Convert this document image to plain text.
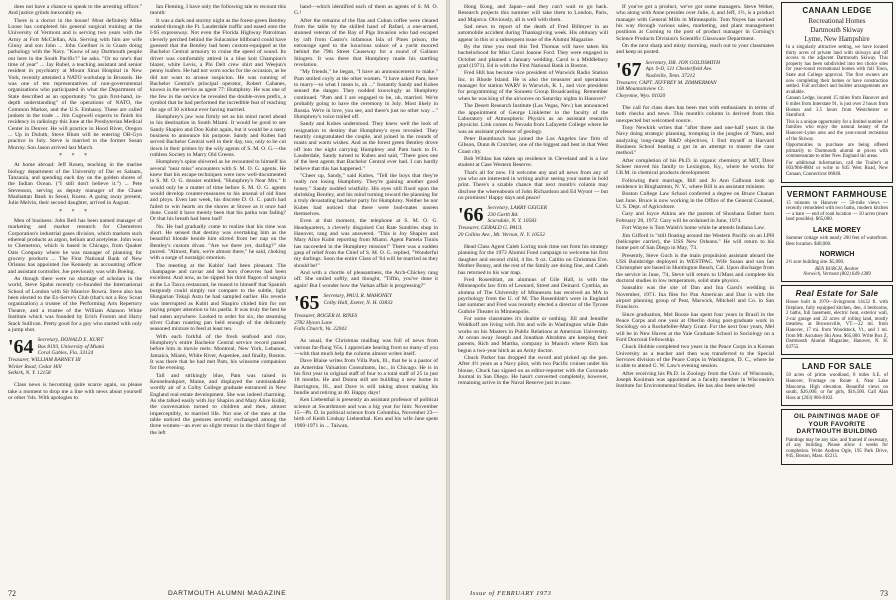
does not have a chance to speak to the arresting officer." And justice grinds inexorably on.

There is a doctor in the house! Most definitely Mike Loose has completed his general surgical training at the University of Vermont and is serving two years with the Army at Fort McClellan, Ala. Serving with him are wife Ginny and son John ... John Goellner is in Guam doing pathology with the Navy. "Know of any Dartmouth people out here in the South Pacific?" he asks. "Or no one's that time of year" ... Jay Rubel, a teaching assistant and senior resident in psychiatry at Mount Sinai Hospital in New York, recently attended a NATO workshop in Brussels. He was one of ten representatives of non-governmental organizations who participated in what the Department of State described as an opportunity "to gain first-hand, in-depth understanding" of the operations of NATO, the Common Market, and the U.S. Embassy. These are called junkets in the trade ... Jim Cogswell expects to finish his residency in radiology this June at the Presbyterian Medical Center in Denver. He will practice in Hood River, Oregon ... Up in Duluth, Steve Blum will be entering OB-Gyn practice in July. Steve is married to the former Susan Murray. Son Jason arrived last March.

* * *

At home abroad: Jeff Rosen, teaching in the marine biology department of the University of Dar es Salaam, Tanzania, and spending each day on the golden shores of the Indian Ocean. ("I still don't believe it.") ... Pete Stevenson, serving as deputy manager of the Chase Manhattan Bank in Seoul, Korea. A going away present, Julie Melvin, their second daughter, arrived in August.

* * *

Men of business: John Bell has been named manager of marketing and market research for Chemetron Corporation's industrial gases division, which markets such ethereal products as argon, helium and acetylene. John won to Chemetron, which is based in Chicago, from Quaker Oats Company where he was manager of planning for grocery products ... The First National Bank of New Orleans has appointed Joe Kennedy as accounting officer and assistant controller. Joe previously was with Boeing.

As though there were no shortage of scholars in the world, Steve Spahn recently co-founded the International School of London with Sir Maurice Bowra. Steve also has been elected to the Ex-Serve's Club (that's not a Boy Scout organization) a trustee of the Performing Arts Repertory Theatre, and a trustee of the William Alanson White Institute which was founded by Erich Fromm and Harry Stack Sullivan. Pretty good for a guy who started with only a jump shot.

'64 Secretary, DONALD E. KURT
Box 8193, University of Miami
Coral Gables, Fla. 33124
Treasurer, WILLIAM BARNEY III
Wicker Road, Cedar Hill
Selkirk, N. Y. 12158

Class news is becoming quite scarce again, so please take a moment to drop me a line with news about yourself or other '64s. With apologies to

Ian Fleming, I have only the following tale to recount this month:

It was a dark and stormy night as the forest-green Bentley snaked through the Ft. Lauderdale traffic and eased onto the I-95 expressway. Not even the Florida Highway Patrolman cleverly perched behind the Sulacasine billboard could have guessed that the Bentley had been custom-equipped at the Bachelor Central armoury to cruise the speed of sound. Its driver was comfortably attired in a blue knit Champion's blazer, white Levis, a Phi Delt crew shirt and Weejun's penny loafers. He had not worn socks for the occasion, as he did not want to arouse suspicion. He was cunning of Bachelor Central's principal operator, Robert Cabanes, known in the service as agent 77: Humphrey. He was one of the few in the service he revealed the double-oven prefix, a symbol that he had performed the incredible feat of reaching the age of 30 without ever having married.

Humphrey's jaw was firmly set as his mind raced ahead to his destination in South Miami. It would be good to see Sandy Shapiro and Don Kubit again, but it would be a nasty business to announce his purpose. Sandy and Kubes had served Bachelor Central well in their day, too, only to be cut down in their primes by the wily agents of S. M. O. G.—the ruthless Society to Marry Old Greens.

Humphrey's spine shivered as he recounted to himself his several "near miss" encounters with S. M. O. G. agents. He knew that his escape techniques were now well-documented in S. M. O. G. dossier entitled, "Humphrey's Near Mrs." It would only be a matter of time before S. M. O. G. agents would develop counter-measures to his arsenal of old lines and ploys. Even last week, his discrete D. O. C. patch had failed to win hearts on the shores at Stowe as it once had done. Could it have merely been that his parka was fading? Or that his breath had been bad?

No. He had gradually come to realize that his time was short. He sensed that destiny was overtaking him as the beautiful blonde beside him stirred from her nap on the Bentley's custom divan. "Are we there yet, darling?" she purred. "Almost, Pam, we're almost there," he said, choking with a surge of nostalgic emotion.

The meeting at the Kubits' had been pleasant. The champagne and caviar and hot hors d'oeuvres had been excellent. And now, as he sipped his third flagon of sangria at the La Taxca restaurant, he mused to himself that Spanish burgundy could simply not compare to the subtle, light Hungarian Tokaji Aszu he had sampled earlier. His reverie was interrupted as Kubit and Shapiro chided him for not paying proper attention to his paella. It was truly the best he had eaten anywhere. Looked to order for six, the steaming silver Cuban roasting pan held enough of the delicately seasoned mixture to feed at least ten.

With each forkful of the fresh seafood and rice, Humphrey's entire Bachelor Central service record passed before him in movie reels: Montreal, New York, Lebanon, Jamaica, Miami, White River, Aspenlee, and finally, Boston. It was there that he had met Pam, his winsome companion for the evening.

Tall and strikingly blue, Pam was raised in Kennebunkport, Maine, and displayed the unmistakable wordly air of a Colby College graduate entranced in New England real estate development. She was indeed charming. As she talked easily with Joy Shapiro and Mary Alice Kubit, the conversation turned to children and then, almost imperceptibly, to married life. Not one of the men at the table noticed the gestures secretly exchanged among the three women—an ever so slight tremor in the third finger of the left

hand—which identified each of them as agents of S. M. O. G.!

After the remains of the flan and Cuban coffee were cleared from the table by the skilled hand of Rafael, a one-armed, stunned veteran of the Bay of Pigs Invasion who had escaped by raft from Castro's infamous Isla of Pines prison, the entourage sped to the luxurious solace of a yacht moored behind the 79th Street Causeway for a round of Galiano Stingers. It was there that Humphrey made his startling revelation.

"My friends," he began, "I have an announcement to make." Pam smiled coyly at the other women. "I have asked Pam, here to marry—to what I mean is, uh ..." Instantly Sandy and Kubes sensed the danger. They nodded knowingly as Humphrey continued. "Pam and I are engaged to be, uh, married. We're probably going to have the ceremony in July. Most likely in Russia. We're in love, you see, and there's just no other way ..." Humphrey's voice trailed off.

Sandy and Kubes understood. They knew well the look of resignation to destiny that Humphrey's eyes revealed. They heartily congratulated the couple, and joined in the rounds of toasts and warm wishes. And as the forest green Bentley drove off into the night carrying Humphrey and Pam back to Ft. Lauderdale, Sandy turned to Kubes and said, "There goes one of the best agents that Bachelor Central ever had. I can hardly believe that this has happened."

"Cheer up, Sandy," said Kubes, "Tell the boys that they're really not losing Humphrey. They're gaining another good honey." Sandy nodded wistfully. His eyes still fixed upon the shrinking Bentley, and his mind turning toward the planning for a truly devastating bachelor party for Humphrey. Neither he nor Kubes had noticed that there were bud-mates unseen themselves.

Even at that moment, the telephone at S. M. O. G. Headquarters, a cleverly disguised Cut Rate Sundries shop in Hanover, rang and was answered. "This is Joy Shapiro and Mary Alice Kubit reporting from Miami. Agent Pamela Tinnis has succeeded in the Humphrey mission!" There was a sudden gasp of relief from the Chief of S. M. O. G. replied, "Wonderful my darlings. Soon the entire Class of '64 will be married as they should be!"

And with a chortle of pleasantness, the Arch-Chickey rang off. She smiled softly, and thought, "Tiffin, you've done it again! But I wonder how the Varkas affair is progressing?"

'65 Secretary, PAUL R. MAHONEY
Colby Hall, Exeter, N. H. 03833
Treasurer, ROGER H. RINES
2782 Hyson Lane
Falls Church, Va. 22043

As usual, the Christmas mailbag was full of news from various far-flung '65s. I appreciate hearing from so many of you—with that much help the column almost writes itself.

Dave Blaise writes from Villa Park, Ill., that he is a pastor of an Ameridan Valuation Consultants, Inc., in Chicago. He is in his first year in original staff of four to a total staff of 25 in just 18 months. He and Donna still are building a new home in Barrington, Ill., and Dave is still taking about making his bundle and retiring at 40. Happy days!

Ken Liebenthal is presently an assistant professor of political science at Swarthmore and was a big year for him: November 15—Ph. D. in political science from Columbia, November 23—birth of Keith Lindsay Liebenthal. Ken and his wife Jane spent 1969-1971 in ... Taiwan,

72	DARTMOUTH ALUMNI MAGAZINE

Hong Kong, and Japan—and they can't wait to go back. Research projects this summer will take them to London, Paris, and Majorca. Obviously, all is well with them.

Sad news to report of the death of Fred Billmyer in an automobile accident during Thanksgiving week. His obituary will appear in this or a subsequent issue of the Alumni Magazine.

By the time you read this Ted Thomas will have taken his bachelorhood for Miss Carol Joanne Ford. They were engaged in October and planned a January wedding. Carol is a Middlebury grad (1971). Ed is with the First National Bank in Boston.

Fred Hill has become vice president of Warwick Radio Station Inc. in Rhode Island. He is also the treasurer and operations manager for station WARV in Warwick, R. I., and vice president for programming of the Sonneto Group Broadcasting. Remember when he was king of the airwaves on Saturday nights in Hanover?

The Desert Research Institute (Las Vegas, Nev.) has announced the appointment of George Linklerter to the faculty of the Laboratory of Atmospheric Physics as an assistant research physicist. Link comes to Nevada from Lafayette College where he was an assistant professor of geology.

Peter Baumbusch has joined the Los Angeles law firm of Gibson, Dunn & Crutcher, one of the biggest and best in that West Coast city.

Bob Wildau has taken up residence in Cleveland and is a law student at Case Western Reserve.

That's all for now. I'd welcome any and all news from any of you who are interested in writing and/or seeing your name in bold print. There's a sizable chance that next month's column may disclose the whereabouts of John Richardson and Ed Wynot — but no promises! Happy days and peace!

'66 Secretary, LARRY GEIGER
230 Garth Rd.
Scarsdale, N. Y. 10583
Treasurer, GERALD G. PAUL
20 Collins Ave., Mt. Vernon, N. Y. 10552

Head Class Agent Caleb Loring took time out from his strategy planning for the 1973 Alumni Fund campaign to welcome his first daughter and second child, 4 lbs. 9 oz. Caitlin on Christmas Eve. Mother Bonny, and the rest of the family are doing fine, and Caleb has returned to his war map.

Fred Rosenblatt, an alumnus of Gile Hall, is with the Minneapolis law firm of Leonard, Street and Deinard. Cynthia, an alumna of The University of Minnesota has received an MA in psychology from the U. of M. The Rosenblatt's were in England last summer and Fred was recently elected a director of the Tyrone Guthrie Theater in Minneapolis.

For some classmates it's double or nothing. Jill and Jennifer Wohlkoff are living with Jim and wife in Washington while Dale works on his Masters in Public Relations at American University. At ocean away Joseph and Jonathan Abrahms are keeping their parents, Rich and Martha, company in Munich where Rich has begun a two-year hitch as an Army doctor.

Chuck Parker has dropped the sword and picked up the pen. After 4½ years as a Navy pilot, with two Pacific cruises under his blouse, Chuck has signed on as editor-reporter with the Coronado Journal in San Diego. He hasn't converted completely, however, remaining active in the Naval Reserve just in case.

If you've got a product, we've got some managers. Steve Weber, who along with Anne presides over Julie, 4, and Jeff, 1½, is a product manager with General Mills in Minneapolis. Tom Noyes has worked his way through various sales, marketing, and plant management positions at Corning to the post of product manager in Corning's Science Products Division's Scientific Glassware Department.

On the next sharp and misty morning, reach out to your classmates and keep us posted.

'67 Secretary, DR. JON GOLDSMITH
Apt. 9-D, 511 Chesterfield Ave.
Nashville, Tenn. 37212
Treasurer, CAPT. JEFFREY M. ZIMMERMAN
168 Mountainview Ct.
Cheyenne, Wyo. 01020

The call for class dues has been met with enthusiasm in terms of both checks and news. This month's column is derived from this unexpected but welcomed source.

Tony Newkirk writes that "after three and one-half years in the Navy doing strategic planning, tromping in the jungles of 'Nam, and analyzing long-range R&D objectives, I find myself at Harvard Business School beating a gut in an attempt to master the case method."

After completion of his Ph.D. in organic chemistry at MIT, Dave Scheer moved his family to Lexington, Ky., where he works for I.B.M. in chemical products development.

Following their marriage, Bill and Jo Ann Calhoun took up residence in Binghamton, N. Y., where Bill is an assistant minister.

Boston College Law School conferred a degree on Bruce Chanan last June. Bruce is now working in the Office of the General Counsel, U. S. Dept. of Agriculture.

Gary and Joyce Atkins are the parents of Shoshana Esther born February 28, 1972. Gary will be ordained in June, 1974.

Fort Wayne is Tom Walsh's home while he attends Indiana Law.

Jim Gifford is "still floating around the Western Pacific on an LPH (helicopter carrier), the USS New Orleans." He will return to his home port of San Diego in May, '73.

Presently, Steve Guch is the main propulsion assistant aboard the USS Bainbridge deployed in WESTPAC. Wife Susan and son Ian Christopher are based in Huntington Beach, Cal. Upon discharge from the service in June, '74, Steve will return to UMass and complete his doctoral studies in low temperature, solid state physics.

Sausalito was the site of Dan and Ina Garsi's wedding in November, 1971. Ina flies for Pan American and Dan is with the airport planning group of Peat, Marwick, Mitchell and Co. in San Francisco.

Since graduation, Mel Booze has spent four years in Brazil in the Peace Corps and one year at Oberlin doing post-graduate work in Sociology on a Rockefeller-Mary Grant. For the next four years, Mel will be in New Haven at the Yale Graduate School in Sociology on a Ford Doctoral Fellowship.

Chuck Hobbie completed two years in the Peace Corps in a Korean University as a teacher and then was transferred to the Special Services division of the Peace Corps in Washington, D. C., where he is able to attend G. W. Law's evening session.

After receiving his Ph.D. in Zoology from the Univ. of Wisconsin, Joseph Kooiman was appointed as a faculty member in Wisconsin's Institute for Environmental Studies. He has also been selected

CANAAN LEDGE
Recreational Homes
Dartmouth Skiway
Lyme, New Hampshire

In a singularly attractive setting, we have located thirty acres of private land with skiways and off access to the adjacent Dartmouth Skiway. This property has been subdivided into ten choice sites for year-round recreational homes with full Town, State and College approval. The first owners are now completing their homes or have construction settled. Full architect and builder arrangements are available.

Canaan Ledge, located 15 miles from Hanover and 6 miles from Interstate 91, is just over 2 hours from Boston and 3.5 hours from Westchester or Stamford.

This is a unique opportunity for a limited number of families who enjoy the natural beauty of the Hanover-Lyme area and the year-round recreation of the Skiway.

Opportunities to purchase are being offered primarily to Dartmouth alumni at prices with commensurate to other New England ski areas.

For additional information, call the Trailer's at 603/966-8804 or write to 845 West Road, New Canaan, Connecticut 06840.

VERMONT FARMHOUSE

15 minutes to Hanover — 50-mile views — recently remodeled with two baths, modern kitchen — a barn — end of road location — 10 acres (more land possible). $65,000.

LAKE MOREY

Summer cottage with nearly 200 feet of waterfront. Best location. $40,000.

NORWICH

2½ acre building site. $5,000.

BEN BURCH, Realtor
Norwich, Vermont (802) 649-1389
Real Estate for Sale

House built in 1970—livingroom 14x32 ft. with fireplace, fully equipped kitchen, den, 4 bedrooms, 2 baths, full basement, electric heat, exterior wall, 2-car garage and 22 acres of rolling land, mostly meadow, at Brownsville, VT.—22 mi. from Hanover, 17 mi. from Woodstock, Vt., and 1 mi. from Mt. Ascutney Ski Area. $65,000. Write Box Z, Dartmouth Alumni Magazine, Hanover, N. H. 03755.

LAND FOR SALE

50 acres of prime woodland, 8 miles S.E. of Hanover, Frontage on Route 4, Near Lake Mascoma. High elevation. Beautiful views on south, $26,000, or for girls, $16,500. Call Alan Hoss at (203) 966-8102.

OIL PAINTINGS MADE OF YOUR FAVORITE DARTMOUTH BUILDING

Paintings may be any size, and framed if necessary, of any building. Please allow 4 weeks for completion. Write Andrea Ogle, 195 Park Drive, #45, Boston, Mass. 02215.

Issue of FEBRUARY 1973	73
